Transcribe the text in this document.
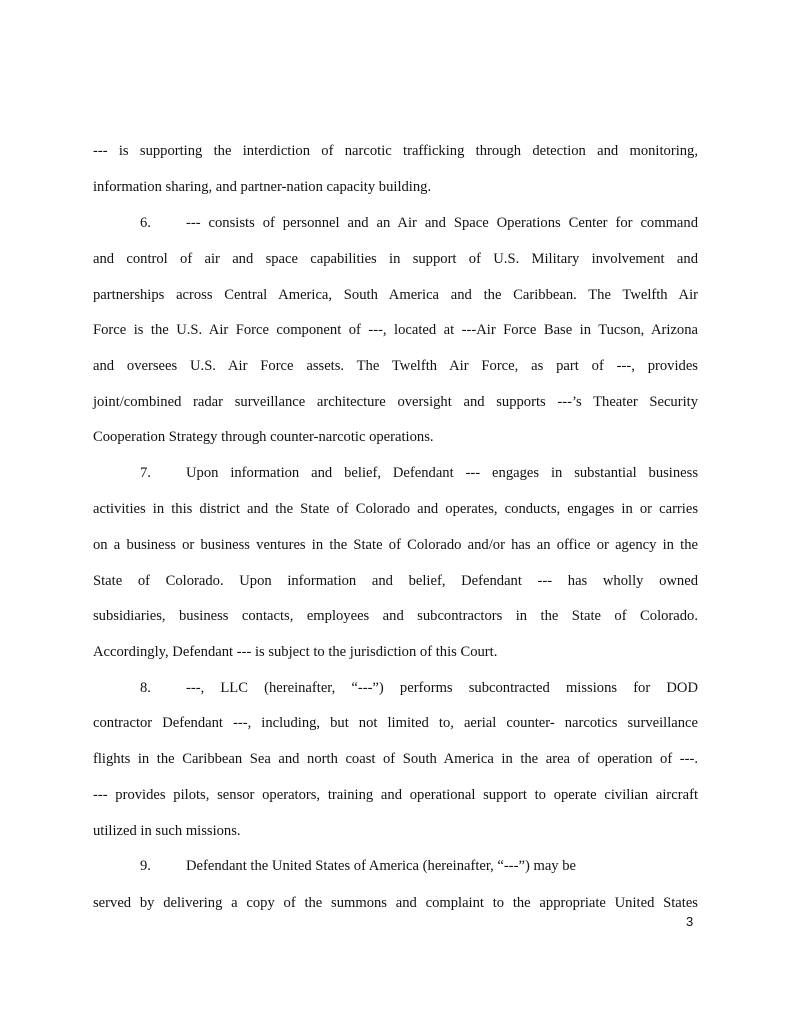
--- is supporting the interdiction of narcotic trafficking through detection and monitoring,
information sharing, and partner-nation capacity building.
6. --- consists of personnel and an Air and Space Operations Center for command
and control of air and space capabilities in support of U.S. Military involvement and
partnerships across Central America, South America and the Caribbean. The Twelfth Air
Force is the U.S. Air Force component of ---, located at ---Air Force Base in Tucson, Arizona
and oversees U.S. Air Force assets. The Twelfth Air Force, as part of ---, provides
joint/combined radar surveillance architecture oversight and supports ---’s Theater Security
Cooperation Strategy through counter-narcotic operations.
7. Upon information and belief, Defendant --- engages in substantial business
activities in this district and the State of Colorado and operates, conducts, engages in or carries
on a business or business ventures in the State of Colorado and/or has an office or agency in the
State of Colorado. Upon information and belief, Defendant --- has wholly owned
subsidiaries, business contacts, employees and subcontractors in the State of Colorado.
Accordingly, Defendant --- is subject to the jurisdiction of this Court.
8. ---, LLC (hereinafter, “---”) performs subcontracted missions for DOD
contractor Defendant ---, including, but not limited to, aerial counter- narcotics surveillance
flights in the Caribbean Sea and north coast of South America in the area of operation of ---.
--- provides pilots, sensor operators, training and operational support to operate civilian aircraft
utilized in such missions.
9. Defendant the United States of America (hereinafter, “---”) may be
served by delivering a copy of the summons and complaint to the appropriate United States
3
